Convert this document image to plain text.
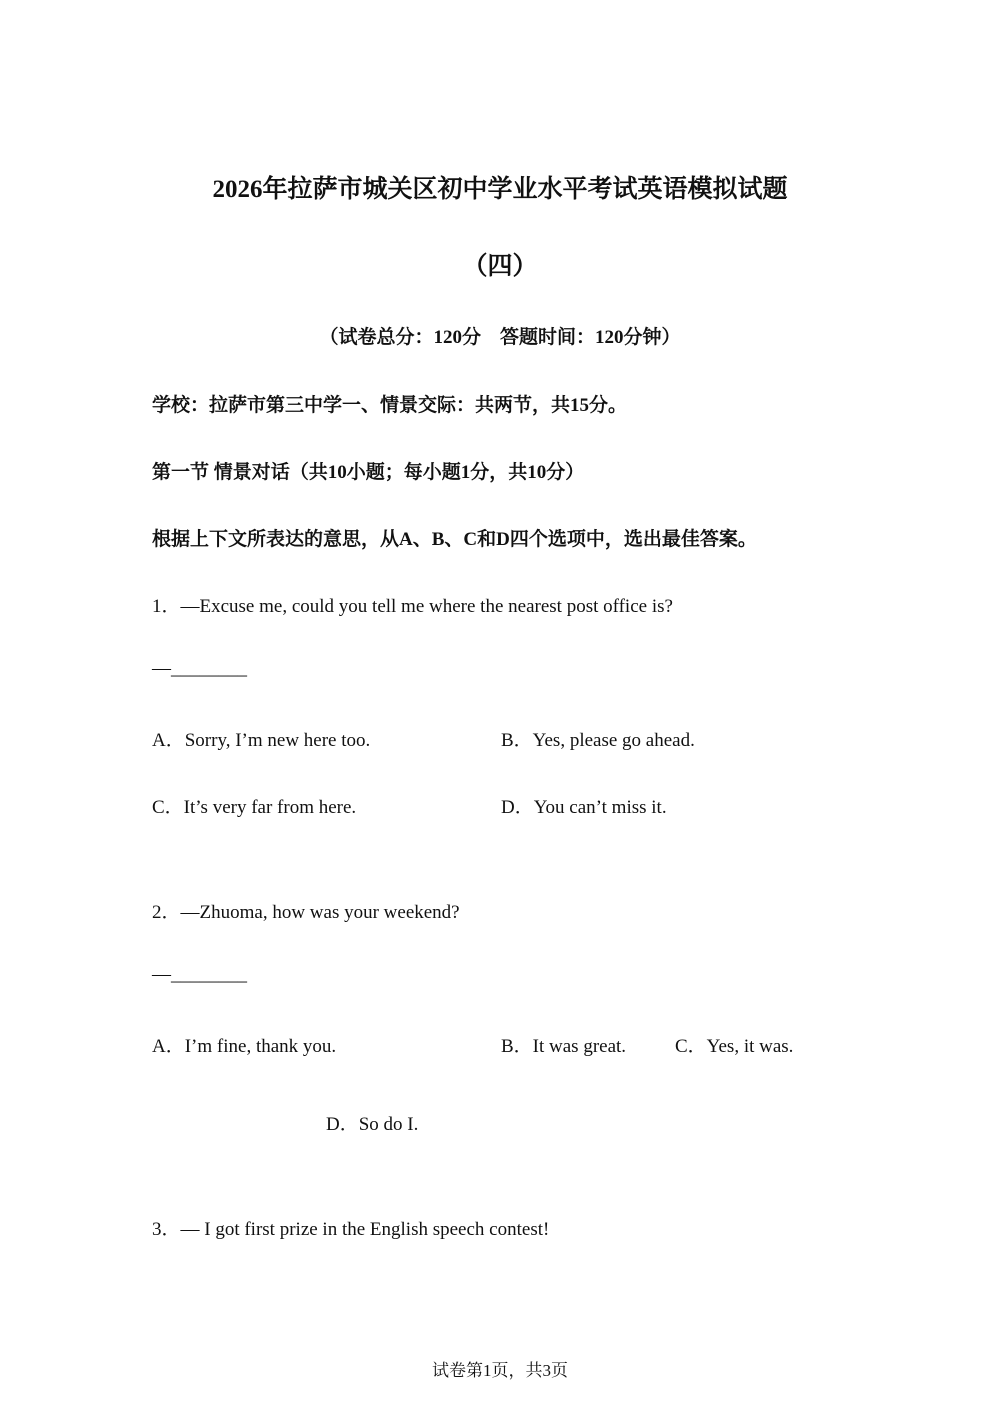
2026年拉萨市城关区初中学业水平考试英语模拟试题
（四）
（试卷总分：120分　答题时间：120分钟）
学校：拉萨市第三中学一、情景交际：共两节，共15分。
第一节 情景对话（共10小题；每小题1分，共10分）
根据上下文所表达的意思，从A、B、C和D四个选项中，选出最佳答案。
1．—Excuse me, could you tell me where the nearest post office is?
—________
A．Sorry, I’m new here too.	B．Yes, please go ahead.
C．It’s very far from here.	D．You can’t miss it.
2．—Zhuoma, how was your weekend?
—________
A．I’m fine, thank you.	B．It was great.	C．Yes, it was.
D．So do I.
3．— I got first prize in the English speech contest!
试卷第1页，共3页
